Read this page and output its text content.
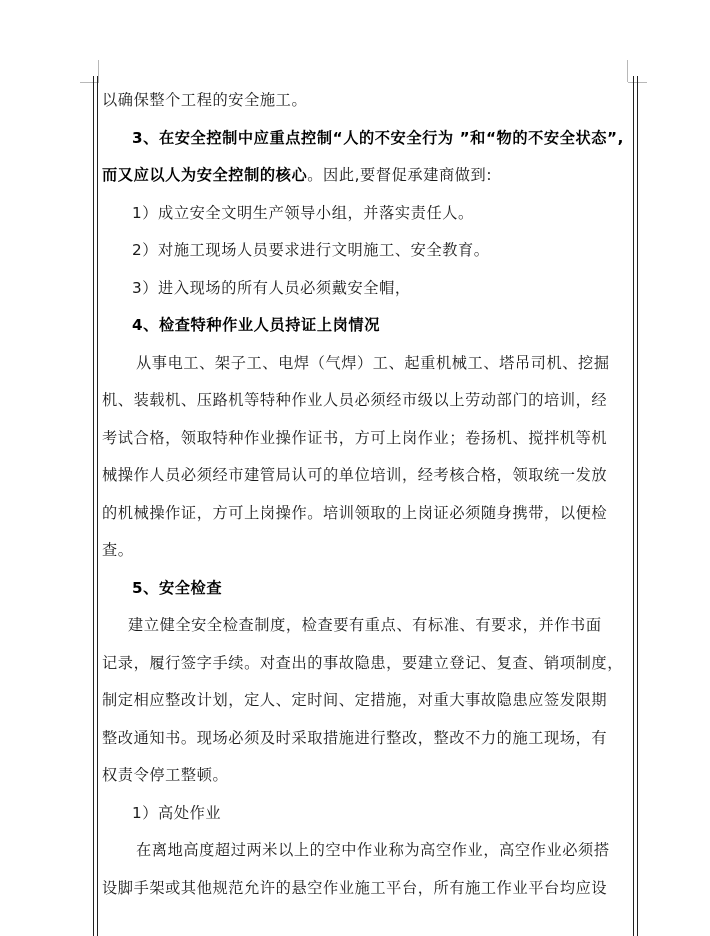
以确保整个工程的安全施工。
3、在安全控制中应重点控制“人的不安全行为 ”和“物的不安全状态”,
而又应以人为安全控制的核心。因此,要督促承建商做到:
1）成立安全文明生产领导小组，并落实责任人。
2）对施工现场人员要求进行文明施工、安全教育。
3）进入现场的所有人员必须戴安全帽，
4、检查特种作业人员持证上岗情况
从事电工、架子工、电焊（气焊）工、起重机械工、塔吊司机、挖掘
机、装载机、压路机等特种作业人员必须经市级以上劳动部门的培训，经
考试合格，领取特种作业操作证书，方可上岗作业；卷扬机、搅拌机等机
械操作人员必须经市建管局认可的单位培训，经考核合格，领取统一发放
的机械操作证，方可上岗操作。培训领取的上岗证必须随身携带，以便检
查。
5、安全检查
建立健全安全检查制度，检查要有重点、有标准、有要求，并作书面
记录，履行签字手续。对查出的事故隐患，要建立登记、复查、销项制度，
制定相应整改计划，定人、定时间、定措施，对重大事故隐患应签发限期
整改通知书。现场必须及时采取措施进行整改，整改不力的施工现场，有
权责令停工整顿。
1）高处作业
在离地高度超过两米以上的空中作业称为高空作业，高空作业必须搭
设脚手架或其他规范允许的悬空作业施工平台，所有施工作业平台均应设
